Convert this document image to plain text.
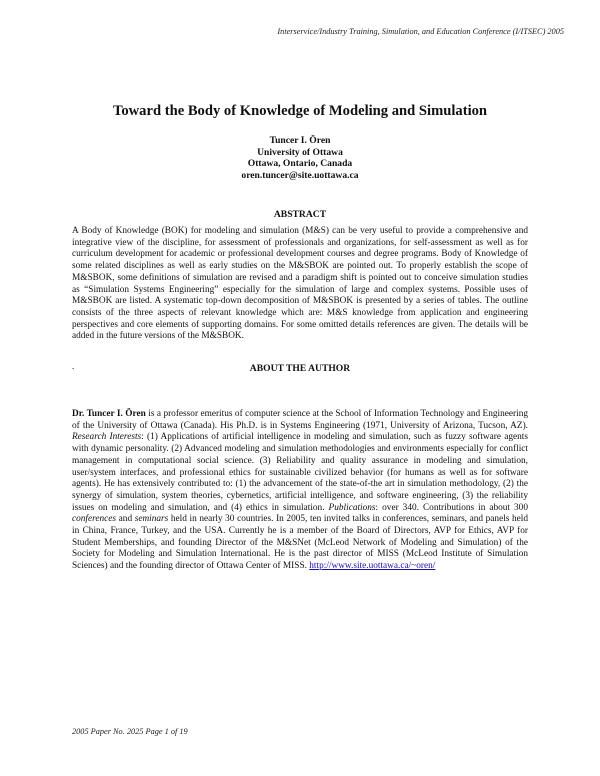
Interservice/Industry Training, Simulation, and Education Conference (I/ITSEC) 2005
Toward the Body of Knowledge of Modeling and Simulation
Tuncer I. Ören
University of Ottawa
Ottawa, Ontario, Canada
oren.tuncer@site.uottawa.ca
ABSTRACT

A Body of Knowledge (BOK) for modeling and simulation (M&S) can be very useful to provide a comprehensive and integrative view of the discipline, for assessment of professionals and organizations, for self-assessment as well as for curriculum development for academic or professional development courses and degree programs. Body of Knowledge of some related disciplines as well as early studies on the M&SBOK are pointed out. To properly establish the scope of M&SBOK, some definitions of simulation are revised and a paradigm shift is pointed out to conceive simulation studies as “Simulation Systems Engineering” especially for the simulation of large and complex systems. Possible uses of M&SBOK are listed. A systematic top-down decomposition of M&SBOK is presented by a series of tables. The outline consists of the three aspects of relevant knowledge which are: M&S knowledge from application and engineering perspectives and core elements of supporting domains. For some omitted details references are given. The details will be added in the future versions of the M&SBOK.

.	ABOUT THE AUTHOR

Dr. Tuncer I. Ören is a professor emeritus of computer science at the School of Information Technology and Engineering of the University of Ottawa (Canada). His Ph.D. is in Systems Engineering (1971, University of Arizona, Tucson, AZ). Research Interests: (1) Applications of artificial intelligence in modeling and simulation, such as fuzzy software agents with dynamic personality. (2) Advanced modeling and simulation methodologies and environments especially for conflict management in computational social science. (3) Reliability and quality assurance in modeling and simulation, user/system interfaces, and professional ethics for sustainable civilized behavior (for humans as well as for software agents). He has extensively contributed to: (1) the advancement of the state-of-the art in simulation methodology, (2) the synergy of simulation, system theories, cybernetics, artificial intelligence, and software engineering, (3) the reliability issues on modeling and simulation, and (4) ethics in simulation. Publications: over 340. Contributions in about 300 conferences and seminars held in nearly 30 countries. In 2005, ten invited talks in conferences, seminars, and panels held in China, France, Turkey, and the USA. Currently he is a member of the Board of Directors, AVP for Ethics, AVP for Student Memberships, and founding Director of the M&SNet (McLeod Network of Modeling and Simulation) of the Society for Modeling and Simulation International. He is the past director of MISS (McLeod Institute of Simulation Sciences) and the founding director of Ottawa Center of MISS. http://www.site.uottawa.ca/~oren/

2005 Paper No. 2025 Page 1 of 19
